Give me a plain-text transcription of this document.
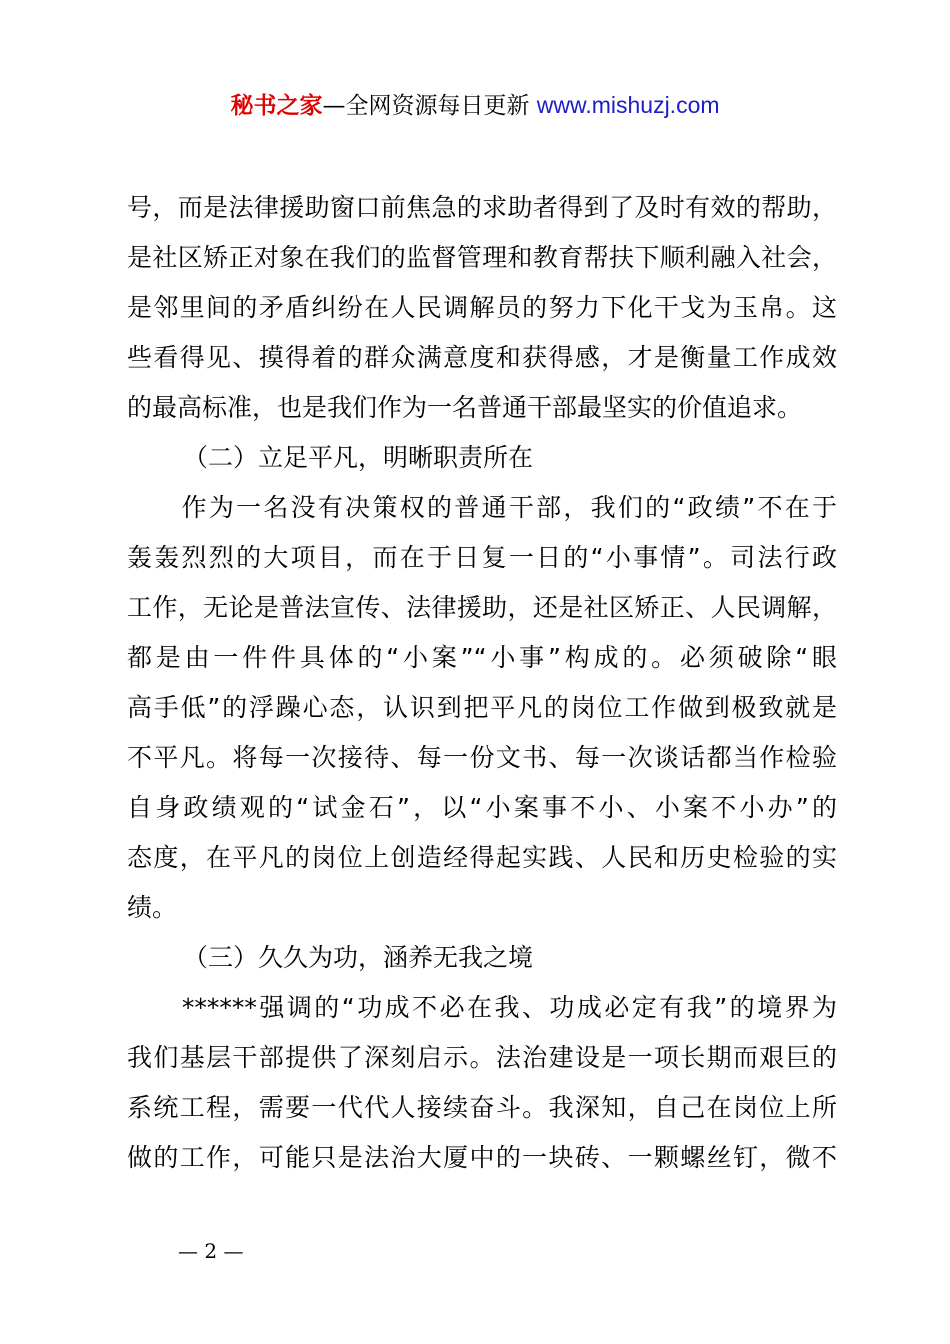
秘书之家—全网资源每日更新 www.mishuzj.com
号，而是法律援助窗口前焦急的求助者得到了及时有效的帮助，
是社区矫正对象在我们的监督管理和教育帮扶下顺利融入社会，
是邻里间的矛盾纠纷在人民调解员的努力下化干戈为玉帛。这
些看得见、摸得着的群众满意度和获得感，才是衡量工作成效
的最高标准，也是我们作为一名普通干部最坚实的价值追求。
（二）立足平凡，明晰职责所在
　　作为一名没有决策权的普通干部，我们的“政绩”不在于
轰轰烈烈的大项目，而在于日复一日的“小事情”。司法行政
工作，无论是普法宣传、法律援助，还是社区矫正、人民调解，
都是由一件件具体的“小案”“小事”构成的。必须破除“眼
高手低”的浮躁心态，认识到把平凡的岗位工作做到极致就是
不平凡。将每一次接待、每一份文书、每一次谈话都当作检验
自身政绩观的“试金石”，以“小案事不小、小案不小办”的
态度，在平凡的岗位上创造经得起实践、人民和历史检验的实
绩。
（三）久久为功，涵养无我之境
　　******强调的“功成不必在我、功成必定有我”的境界为
我们基层干部提供了深刻启示。法治建设是一项长期而艰巨的
系统工程，需要一代代人接续奋斗。我深知，自己在岗位上所
做的工作，可能只是法治大厦中的一块砖、一颗螺丝钉，微不
— 2 —
